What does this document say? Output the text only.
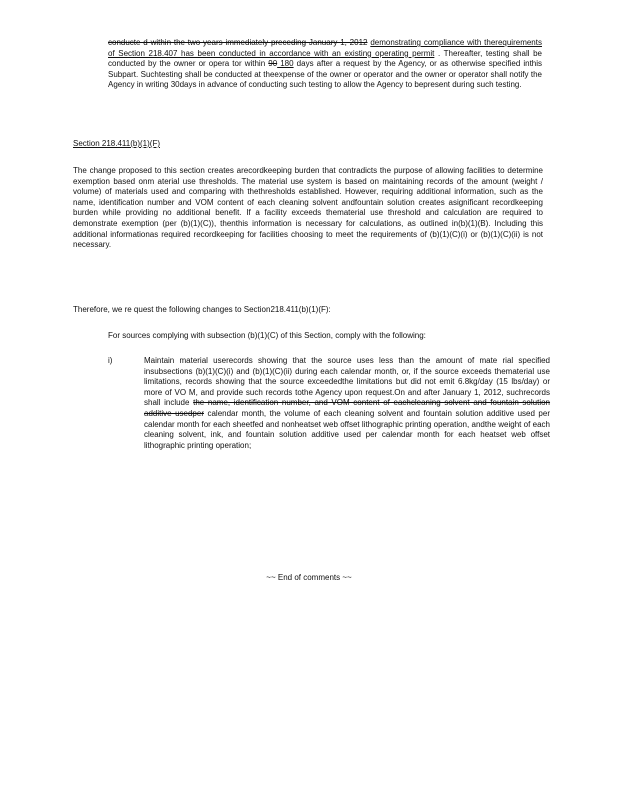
conducte d within the two years immediately preceding January 1, 2012 demonstrating compliance with therequirements of Section 218.407 has been conducted in accordance with an existing operating permit . Thereafter, testing shall be conducted by the owner or opera tor within 90 180 days after a request by the Agency, or as otherwise specified inthis Subpart. Suchtesting shall be conducted at theexpense of the owner or operator and the owner or operator shall notify the Agency in writing 30days in advance of conducting such testing to allow the Agency to bepresent during such testing.
Section 218.411(b)(1)(F)
The change proposed to this section creates arecordkeeping burden that contradicts the purpose of allowing facilities to determine exemption based onm aterial use thresholds. The material use system is based on maintaining records of the amount (weight / volume) of materials used and comparing with thethresholds established. However, requiring additional information, such as the name, identification number and VOM content of each cleaning solvent andfountain solution creates asignificant recordkeeping burden while providing no additional benefit. If a facility exceeds thematerial use threshold and calculation are required to demonstrate exemption (per (b)(1)(C)), thenthis information is necessary for calculations, as outlined in(b)(1)(B). Including this additional informationas required recordkeeping for facilities choosing to meet the requirements of (b)(1)(C)(i) or (b)(1)(C)(ii) is not necessary.
Therefore, we re quest the following changes to Section218.411(b)(1)(F):
For sources complying with subsection (b)(1)(C) of this Section, comply with the following:
i)	Maintain material userecords showing that the source uses less than the amount of mate rial specified insubsections (b)(1)(C)(i) and (b)(1)(C)(ii) during each calendar month, or, if the source exceeds thematerial use limitations, records showing that the source exceededthe limitations but did not emit 6.8kg/day (15 lbs/day) or more of VO M, and provide such records tothe Agency upon request.On and after January 1, 2012, suchrecords shall include the name, identification number, and VOM content of eachcleaning solvent and fountain solution additive usedper calendar month, the volume of each cleaning solvent and fountain solution additive used per calendar month for each sheetfed and nonheatset web offset lithographic printing operation, andthe weight of each cleaning solvent, ink, and fountain solution additive used per calendar month for each heatset web offset lithographic printing operation;
~~ End of comments ~~
